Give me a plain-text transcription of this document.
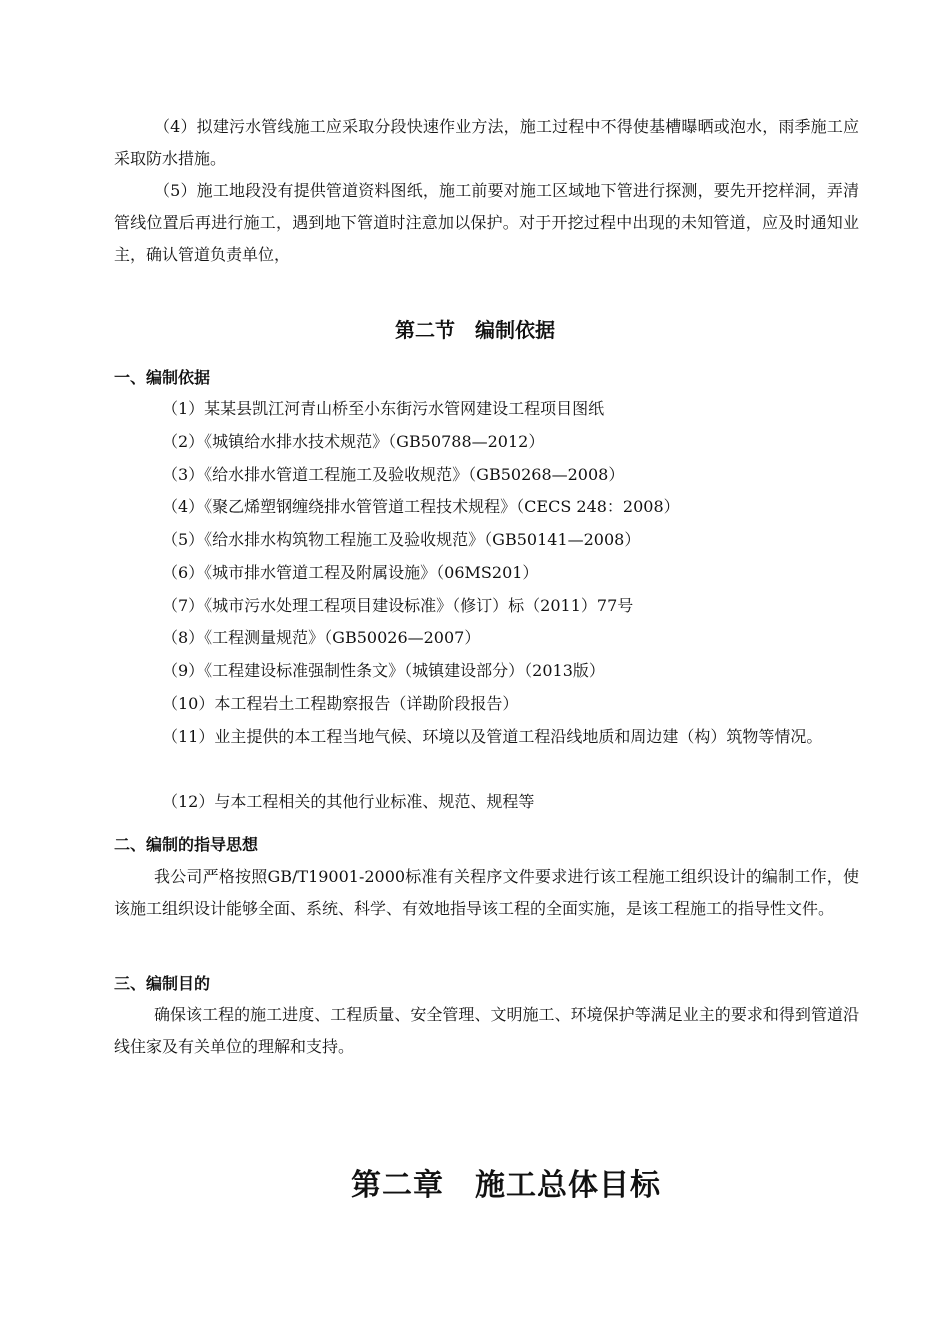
（4）拟建污水管线施工应采取分段快速作业方法，施工过程中不得使基槽曝晒或泡水，雨季施工应采取防水措施。

（5）施工地段没有提供管道资料图纸，施工前要对施工区域地下管进行探测，要先开挖样洞，弄清管线位置后再进行施工，遇到地下管道时注意加以保护。对于开挖过程中出现的未知管道，应及时通知业主，确认管道负责单位，

第二节　编制依据
一、编制依据

（1）某某县凯江河青山桥至小东街污水管网建设工程项目图纸

（2）《城镇给水排水技术规范》（GB50788—2012）

（3）《给水排水管道工程施工及验收规范》（GB50268—2008）

（4）《聚乙烯塑钢缠绕排水管管道工程技术规程》（CECS 248：2008）

（5）《给水排水构筑物工程施工及验收规范》（GB50141—2008）

（6）《城市排水管道工程及附属设施》（06MS201）

（7）《城市污水处理工程项目建设标准》（修订）标（2011）77号

（8）《工程测量规范》（GB50026—2007）

（9）《工程建设标准强制性条文》（城镇建设部分）（2013版）

（10）本工程岩土工程勘察报告（详勘阶段报告）

（11）业主提供的本工程当地气候、环境以及管道工程沿线地质和周边建（构）筑物等情况。

（12）与本工程相关的其他行业标准、规范、规程等

二、编制的指导思想

我公司严格按照GB/T19001-2000标准有关程序文件要求进行该工程施工组织设计的编制工作，使该施工组织设计能够全面、系统、科学、有效地指导该工程的全面实施，是该工程施工的指导性文件。

三、编制目的

确保该工程的施工进度、工程质量、安全管理、文明施工、环境保护等满足业主的要求和得到管道沿线住家及有关单位的理解和支持。

第二章　施工总体目标
